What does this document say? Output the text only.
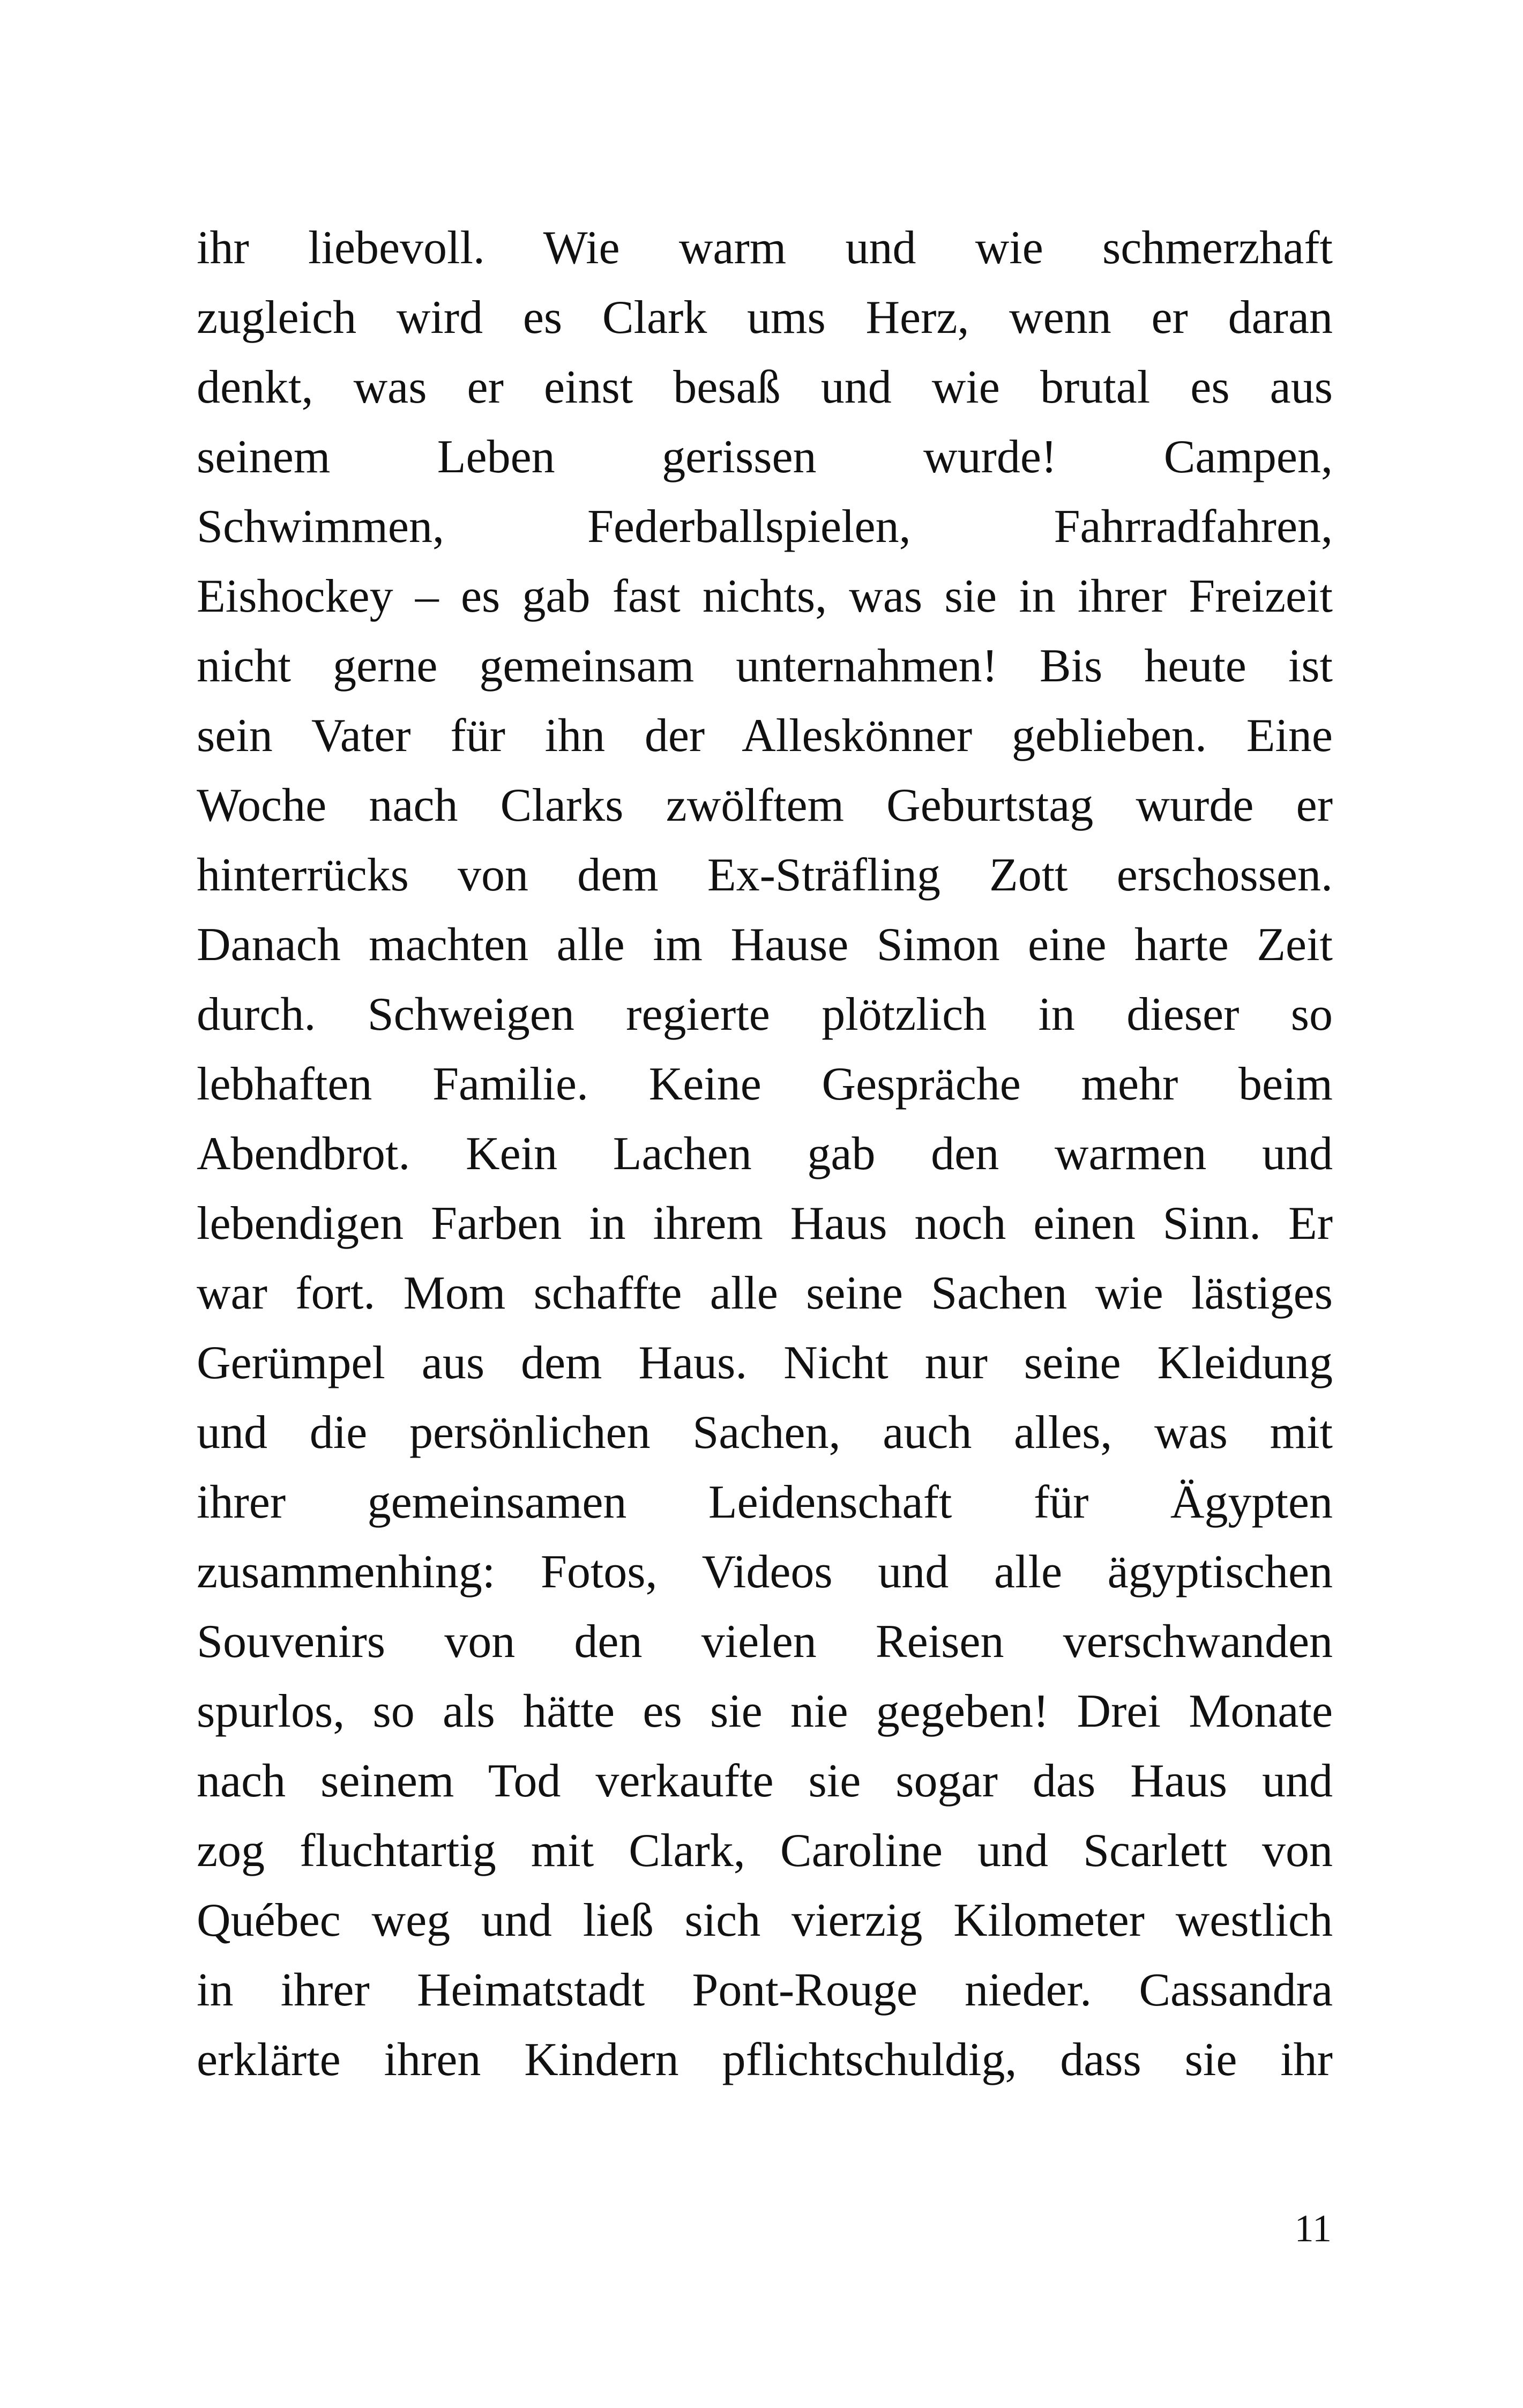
ihr liebevoll. Wie warm und wie schmerzhaft
zugleich wird es Clark ums Herz, wenn er daran
denkt, was er einst besaß und wie brutal es aus
seinem Leben gerissen wurde! Campen,
Schwimmen, Federballspielen, Fahrradfahren,
Eishockey – es gab fast nichts, was sie in ihrer Freizeit
nicht gerne gemeinsam unternahmen! Bis heute ist
sein Vater für ihn der Alleskönner geblieben. Eine
Woche nach Clarks zwölftem Geburtstag wurde er
hinterrücks von dem Ex-Sträfling Zott erschossen.
Danach machten alle im Hause Simon eine harte Zeit
durch. Schweigen regierte plötzlich in dieser so
lebhaften Familie. Keine Gespräche mehr beim
Abendbrot. Kein Lachen gab den warmen und
lebendigen Farben in ihrem Haus noch einen Sinn. Er
war fort. Mom schaffte alle seine Sachen wie lästiges
Gerümpel aus dem Haus. Nicht nur seine Kleidung
und die persönlichen Sachen, auch alles, was mit
ihrer gemeinsamen Leidenschaft für Ägypten
zusammenhing: Fotos, Videos und alle ägyptischen
Souvenirs von den vielen Reisen verschwanden
spurlos, so als hätte es sie nie gegeben! Drei Monate
nach seinem Tod verkaufte sie sogar das Haus und
zog fluchtartig mit Clark, Caroline und Scarlett von
Québec weg und ließ sich vierzig Kilometer westlich
in ihrer Heimatstadt Pont-Rouge nieder. Cassandra
erklärte ihren Kindern pflichtschuldig, dass sie ihr
11
